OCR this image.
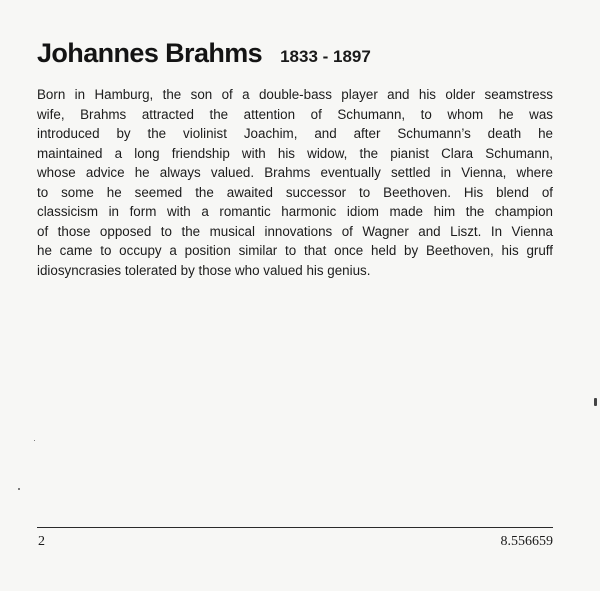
Johannes Brahms 1833 - 1897
Born in Hamburg, the son of a double-bass player and his older seamstress
wife, Brahms attracted the attention of Schumann, to whom he was
introduced by the violinist Joachim, and after Schumann’s death he
maintained a long friendship with his widow, the pianist Clara Schumann,
whose advice he always valued. Brahms eventually settled in Vienna, where
to some he seemed the awaited successor to Beethoven. His blend of
classicism in form with a romantic harmonic idiom made him the champion
of those opposed to the musical innovations of Wagner and Liszt. In Vienna
he came to occupy a position similar to that once held by Beethoven, his gruff
idiosyncrasies tolerated by those who valued his genius.
2	8.556659
